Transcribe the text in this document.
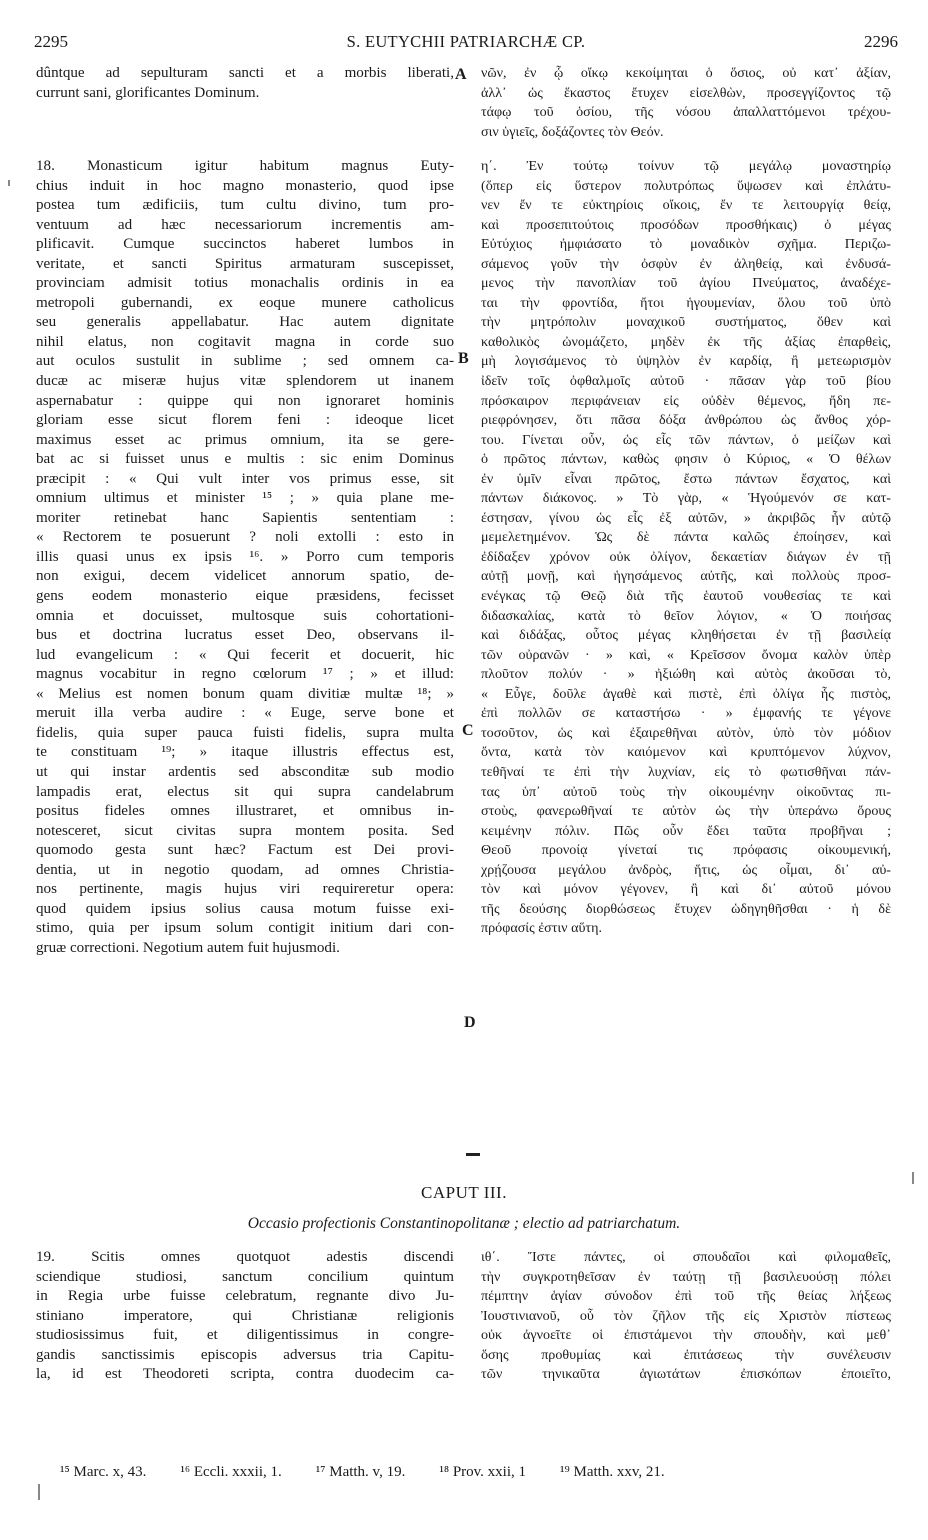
2295	S. EUTYCHII PATRIARCHÆ CP.	2296
dûntque ad sepulturam sancti et a morbis liberati,
currunt sani, glorificantes Dominum.
νῶν, ἐν ᾧ οἴκῳ κεκοίμηται ὁ ὅσιος, οὐ κατ᾽ ἀξίαν,
ἀλλ᾽ ὡς ἕκαστος ἔτυχεν εἰσελθὼν, προσεγγίζοντος τῷ
τάφῳ τοῦ ὁσίου, τῆς νόσου ἀπαλλαττόμενοι τρέχου-
σιν ὑγιεῖς, δοξάζοντες τὸν Θεόν.
18. Monasticum igitur habitum magnus Euty-
chius induit in hoc magno monasterio, quod ipse
postea tum ædificiis, tum cultu divino, tum pro-
ventuum ad hæc necessariorum incrementis am-
plificavit. Cumque succinctos haberet lumbos in
veritate, et sancti Spiritus armaturam suscepisset,
provinciam admisit totius monachalis ordinis in ea
metropoli gubernandi, ex eoque munere catholicus
seu generalis appellabatur. Hac autem dignitate
nihil elatus, non cogitavit magna in corde suo
aut oculos sustulit in sublime ; sed omnem ca-
ducæ ac miseræ hujus vitæ splendorem ut inanem
aspernabatur : quippe qui non ignoraret hominis
gloriam esse sicut florem feni : ideoque licet
maximus esset ac primus omnium, ita se gere-
bat ac si fuisset unus e multis : sic enim Dominus
præcipit : « Qui vult inter vos primus esse, sit
omnium ultimus et minister ¹⁵ ; » quia plane me-
moriter retinebat hanc Sapientis sententiam :
« Rectorem te posuerunt ? noli extolli : esto in
illis quasi unus ex ipsis ¹⁶. » Porro cum temporis
non exigui, decem videlicet annorum spatio, de-
gens eodem monasterio eique præsidens, fecisset
omnia et docuisset, multosque suis cohortationi-
bus et doctrina lucratus esset Deo, observans il-
lud evangelicum : « Qui fecerit et docuerit, hic
magnus vocabitur in regno cœlorum ¹⁷ ; » et illud:
« Melius est nomen bonum quam divitiæ multæ ¹⁸; »
meruit illa verba audire : « Euge, serve bone et
fidelis, quia super pauca fuisti fidelis, supra multa
te constituam ¹⁹; » itaque illustris effectus est,
ut qui instar ardentis sed absconditæ sub modio
lampadis erat, electus sit qui supra candelabrum
positus fideles omnes illustraret, et omnibus in-
notesceret, sicut civitas supra montem posita. Sed
quomodo gesta sunt hæc? Factum est Dei provi-
dentia, ut in negotio quodam, ad omnes Christia-
nos pertinente, magis hujus viri requireretur opera:
quod quidem ipsius solius causa motum fuisse exi-
stimo, quia per ipsum solum contigit initium dari con-
gruæ correctioni. Negotium autem fuit hujusmodi.
η΄. Ἐν τούτῳ τοίνυν τῷ μεγάλῳ μοναστηρίῳ
(ὅπερ εἰς ὕστερον πολυτρόπως ὕψωσεν καὶ ἐπλάτυ-
νεν ἔν τε εὐκτηρίοις οἴκοις, ἔν τε λειτουργίᾳ θείᾳ,
καὶ προσεπιτούτοις προσόδων προσθήκαις) ὁ μέγας
Εὐτύχιος ἠμφιάσατο τὸ μοναδικὸν σχῆμα. Περιζω-
σάμενος γοῦν τὴν ὀσφὺν ἐν ἀληθείᾳ, καὶ ἐνδυσά-
μενος τὴν πανοπλίαν τοῦ ἁγίου Πνεύματος, ἀναδέχε-
ται τὴν φροντίδα, ἤτοι ἡγουμενίαν, ὅλου τοῦ ὑπὸ
τὴν μητρόπολιν μοναχικοῦ συστήματος, ὅθεν καὶ
καθολικὸς ὠνομάζετο, μηδὲν ἐκ τῆς ἀξίας ἐπαρθεὶς,
μὴ λογισάμενος τὸ ὑψηλὸν ἐν καρδίᾳ, ἢ μετεωρισμὸν
ἰδεῖν τοῖς ὀφθαλμοῖς αὐτοῦ · πᾶσαν γὰρ τοῦ βίου
πρόσκαιρον περιφάνειαν εἰς οὐδὲν θέμενος, ἤδη πε-
ριεφρόνησεν, ὅτι πᾶσα δόξα ἀνθρώπου ὡς ἄνθος χόρ-
του. Γίνεται οὖν, ὡς εἷς τῶν πάντων, ὁ μείζων καὶ
ὁ πρῶτος πάντων, καθὼς φησιν ὁ Κύριος, « Ὁ θέλων
ἐν ὑμῖν εἶναι πρῶτος, ἔστω πάντων ἔσχατος, καὶ
πάντων διάκονος. » Τὸ γὰρ, « Ἡγούμενόν σε κατ-
έστησαν, γίνου ὡς εἷς ἐξ αὐτῶν, » ἀκριβῶς ἦν αὐτῷ
μεμελετημένον. Ὡς δὲ πάντα καλῶς ἐποίησεν, καὶ
ἐδίδαξεν χρόνον οὐκ ὀλίγον, δεκαετίαν διάγων ἐν τῇ
αὐτῇ μονῇ, καὶ ἡγησάμενος αὐτῆς, καὶ πολλοὺς προσ-
ενέγκας τῷ Θεῷ διὰ τῆς ἑαυτοῦ νουθεσίας τε καὶ
διδασκαλίας, κατὰ τὸ θεῖον λόγιον, « Ὁ ποιήσας
καὶ διδάξας, οὗτος μέγας κληθήσεται ἐν τῇ βασιλείᾳ
τῶν οὐρανῶν · » καὶ, « Κρεῖσσον ὄνομα καλὸν ὑπὲρ
πλοῦτον πολύν · » ἠξιώθη καὶ αὐτὸς ἀκοῦσαι τὸ,
« Εὖγε, δοῦλε ἀγαθὲ καὶ πιστὲ, ἐπὶ ὀλίγα ἧς πιστὸς,
ἐπὶ πολλῶν σε καταστήσω · » ἐμφανής τε γέγονε
τοσοῦτον, ὡς καὶ ἐξαιρεθῆναι αὐτὸν, ὑπὸ τὸν μόδιον
ὄντα, κατὰ τὸν καιόμενον καὶ κρυπτόμενον λύχνον,
τεθῆναί τε ἐπὶ τὴν λυχνίαν, εἰς τὸ φωτισθῆναι πάν-
τας ὑπ᾽ αὐτοῦ τοὺς τὴν οἰκουμένην οἰκοῦντας πι-
στοὺς, φανερωθῆναί τε αὐτὸν ὡς τὴν ὑπεράνω ὄρους
κειμένην πόλιν. Πῶς οὖν ἔδει ταῦτα προβῆναι ;
Θεοῦ προνοίᾳ γίνεταί τις πρόφασις οἰκουμενική,
χρῄζουσα μεγάλου ἀνδρὸς, ἥτις, ὡς οἶμαι, δι᾽ αὐ-
τὸν καὶ μόνον γέγονεν, ἢ καὶ δι᾽ αὐτοῦ μόνου
τῆς δεούσης διορθώσεως ἔτυχεν ὡδηγηθῆσθαι · ἡ δὲ
πρόφασίς ἐστιν αὕτη.
A
B
C
D
CAPUT III.
Occasio profectionis Constantinopolitanæ ; electio ad patriarchatum.
19. Scitis omnes quotquot adestis discendi
sciendique studiosi, sanctum concilium quintum
in Regia urbe fuisse celebratum, regnante divo Ju-
stiniano imperatore, qui Christianæ religionis
studiosissimus fuit, et diligentissimus in congre-
gandis sanctissimis episcopis adversus tria Capitu-
la, id est Theodoreti scripta, contra duodecim ca-
ιθ΄. Ἴστε πάντες, οἱ σπουδαῖοι καὶ φιλομαθεῖς,
τὴν συγκροτηθεῖσαν ἐν ταύτῃ τῇ βασιλευούσῃ πόλει
πέμπτην ἁγίαν σύνοδον ἐπὶ τοῦ τῆς θείας λήξεως
Ἰουστινιανοῦ, οὗ τὸν ζῆλον τῆς εἰς Χριστὸν πίστεως
οὐκ ἀγνοεῖτε οἱ ἐπιστάμενοι τὴν σπουδὴν, καὶ μεθ᾽
ὅσης προθυμίας καὶ ἐπιτάσεως τὴν συνέλευσιν
τῶν τηνικαῦτα ἁγιωτάτων ἐπισκόπων ἐποιεῖτο,
¹⁵ Marc. x, 43. ¹⁶ Eccli. xxxii, 1. ¹⁷ Matth. v, 19. ¹⁸ Prov. xxii, 1 ¹⁹ Matth. xxv, 21.
